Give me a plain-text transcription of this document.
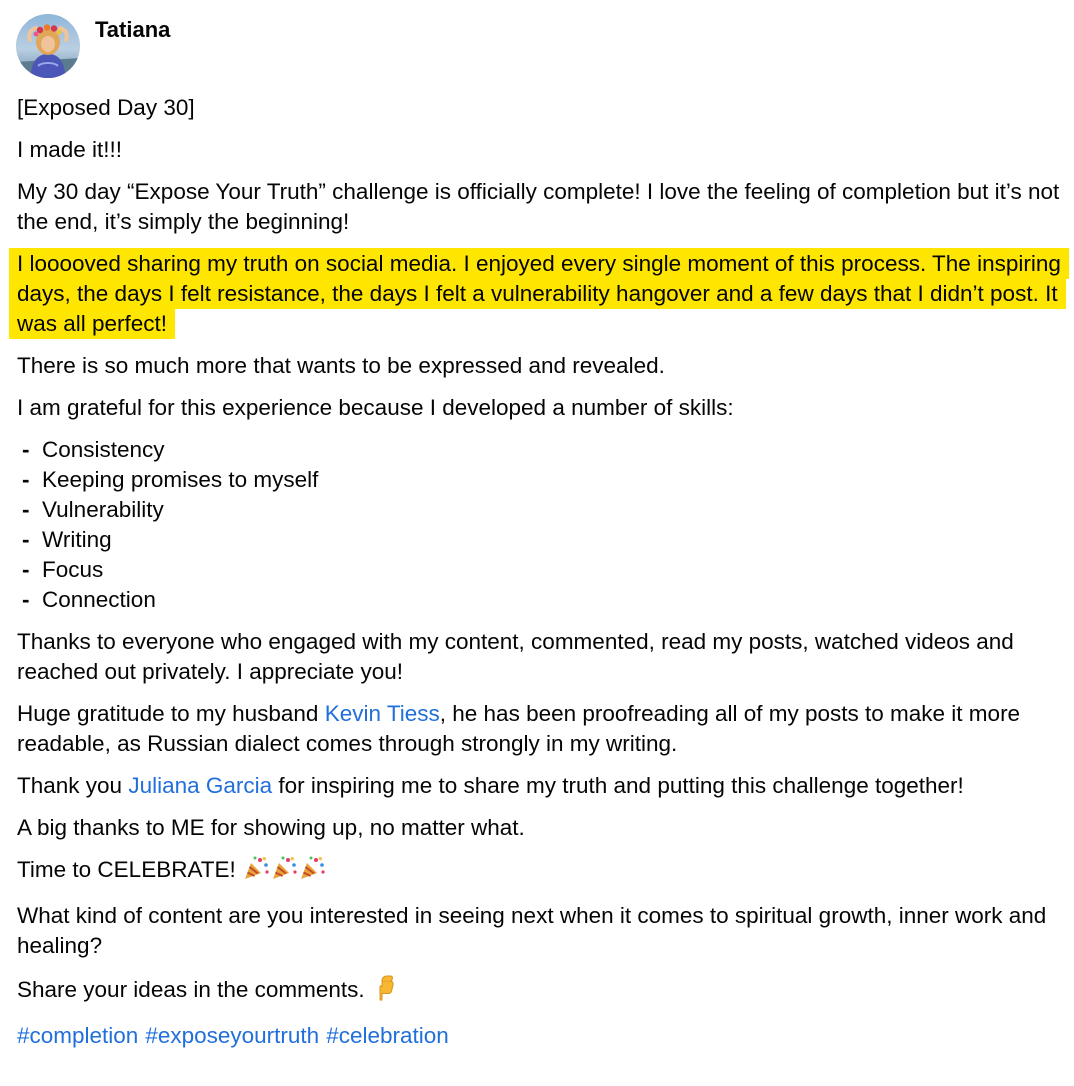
Tatiana
[Exposed Day 30]
I made it!!!
My 30 day “Expose Your Truth” challenge is officially complete! I love the feeling of completion but it’s not the end, it’s simply the beginning!
I looooved sharing my truth on social media. I enjoyed every single moment of this process. The inspiring days, the days I felt resistance, the days I felt a vulnerability hangover and a few days that I didn’t post. It was all perfect!
There is so much more that wants to be expressed and revealed.
I am grateful for this experience because I developed a number of skills:
- Consistency
- Keeping promises to myself
- Vulnerability
- Writing
- Focus
- Connection
Thanks to everyone who engaged with my content, commented, read my posts, watched videos and reached out privately. I appreciate you!
Huge gratitude to my husband Kevin Tiess, he has been proofreading all of my posts to make it more readable, as Russian dialect comes through strongly in my writing.
Thank you Juliana Garcia for inspiring me to share my truth and putting this challenge together!
A big thanks to ME for showing up, no matter what.
Time to CELEBRATE!
What kind of content are you interested in seeing next when it comes to spiritual growth, inner work and healing?
Share your ideas in the comments.
#completion #exposeyourtruth #celebration
